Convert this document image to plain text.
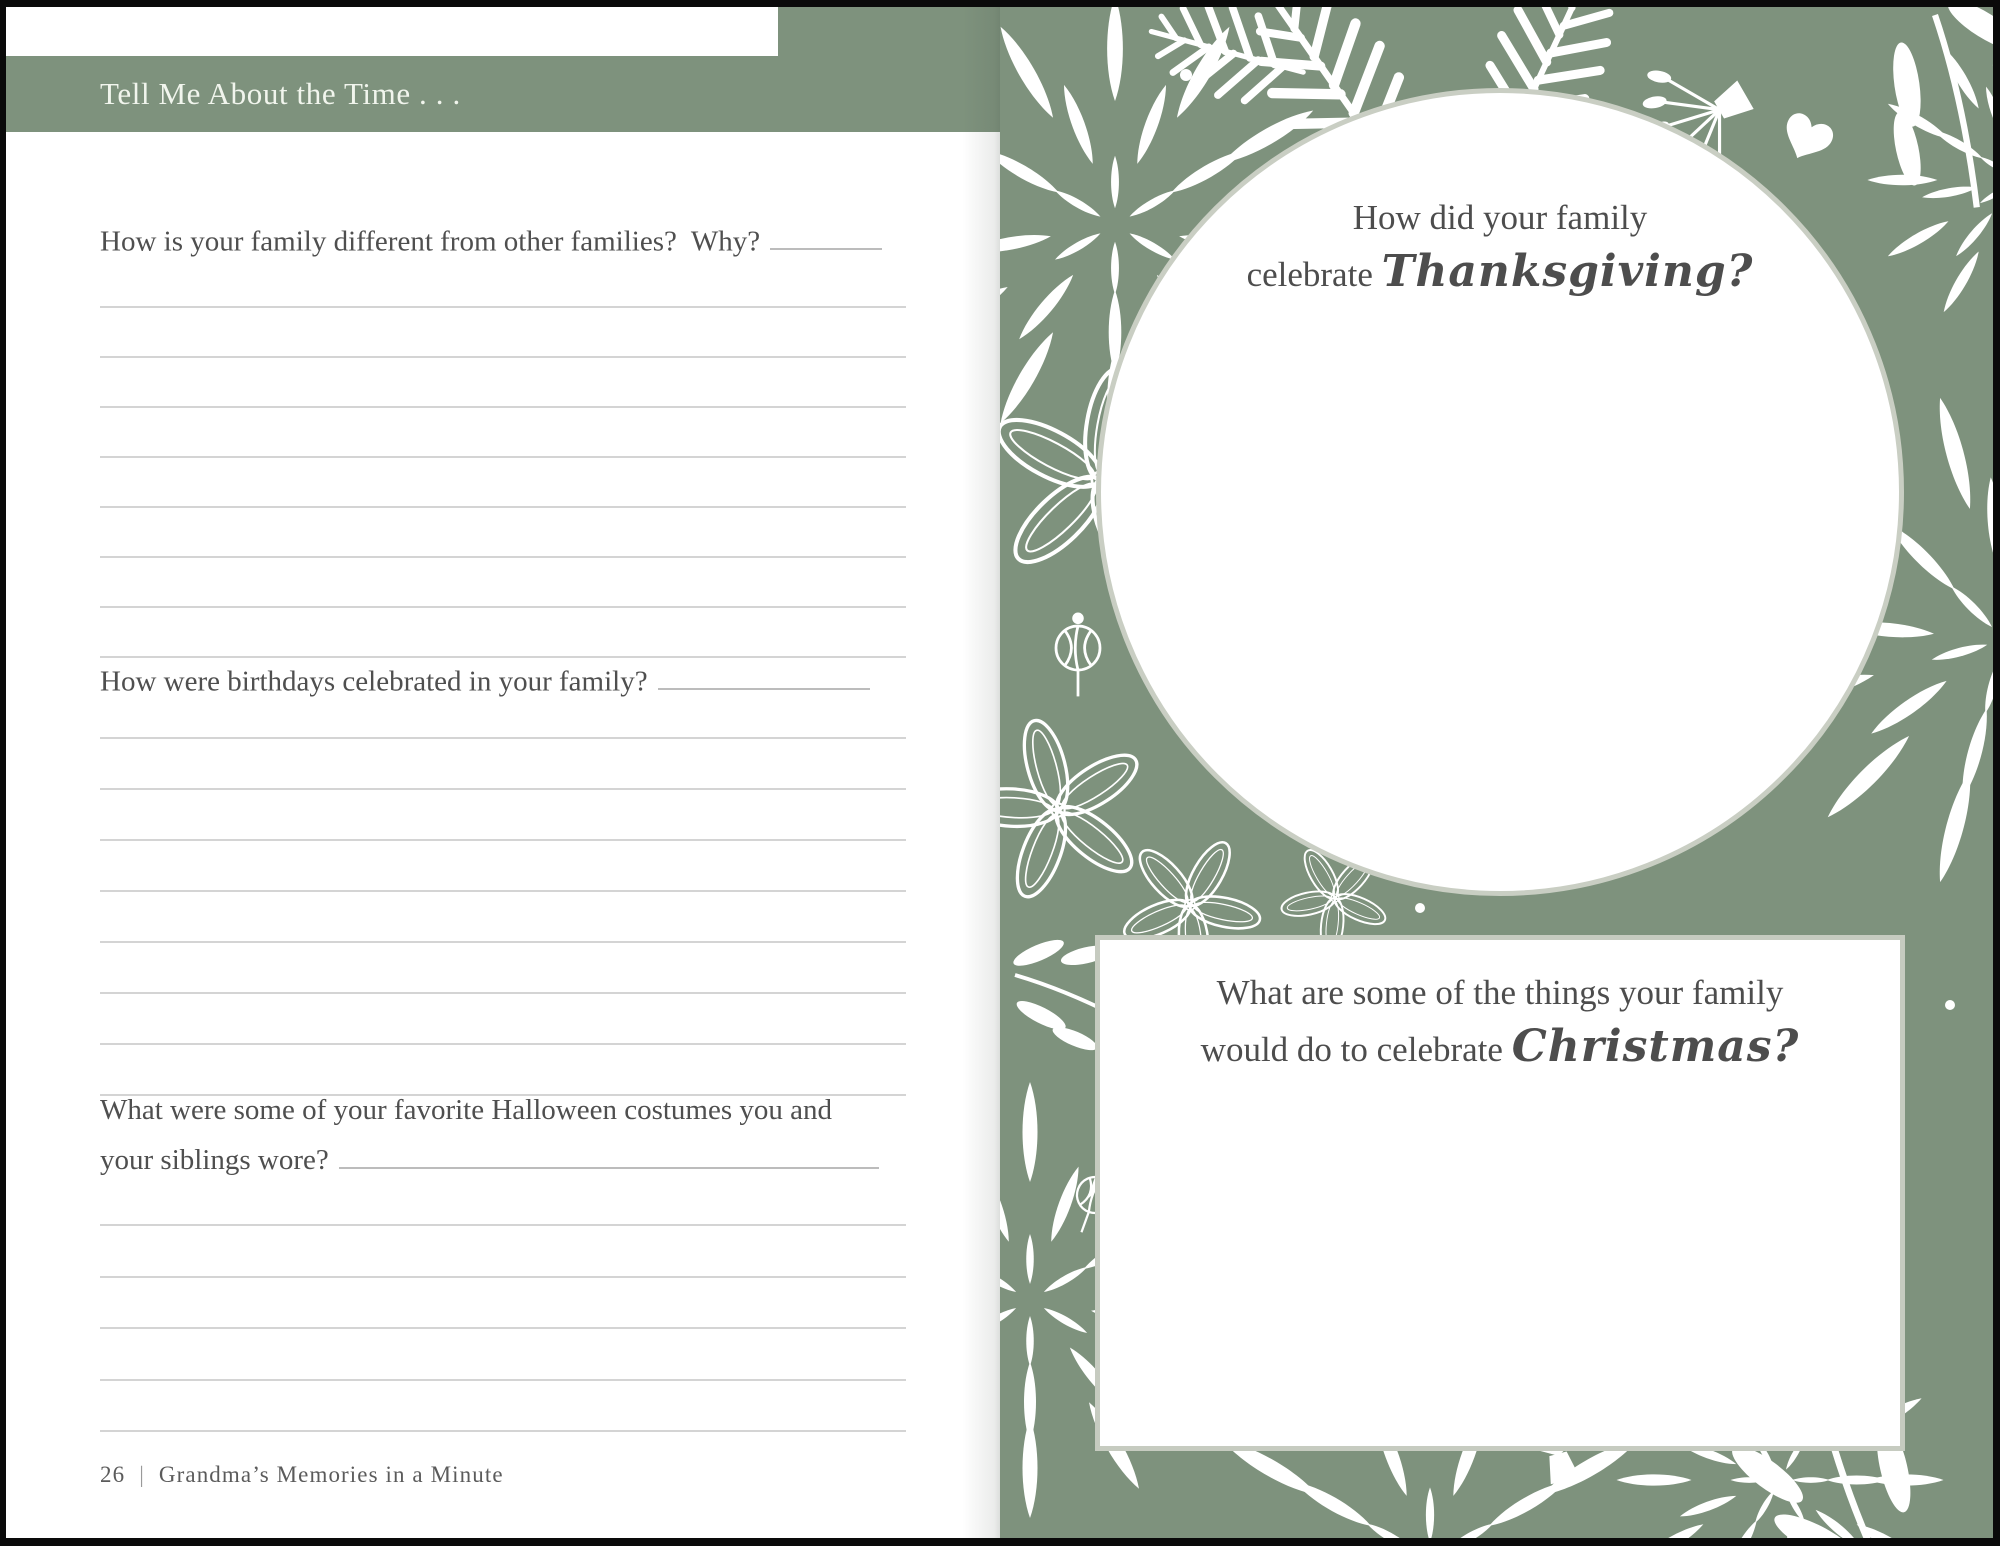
Tell Me About the Time . . .
How is your family different from other families?  Why?
How were birthdays celebrated in your family?
What were some of your favorite Halloween costumes you and
your siblings wore?
26 | Grandma’s Memories in a Minute
How did your family
celebrate Thanksgiving?
What are some of the things your family
would do to celebrate Christmas?
